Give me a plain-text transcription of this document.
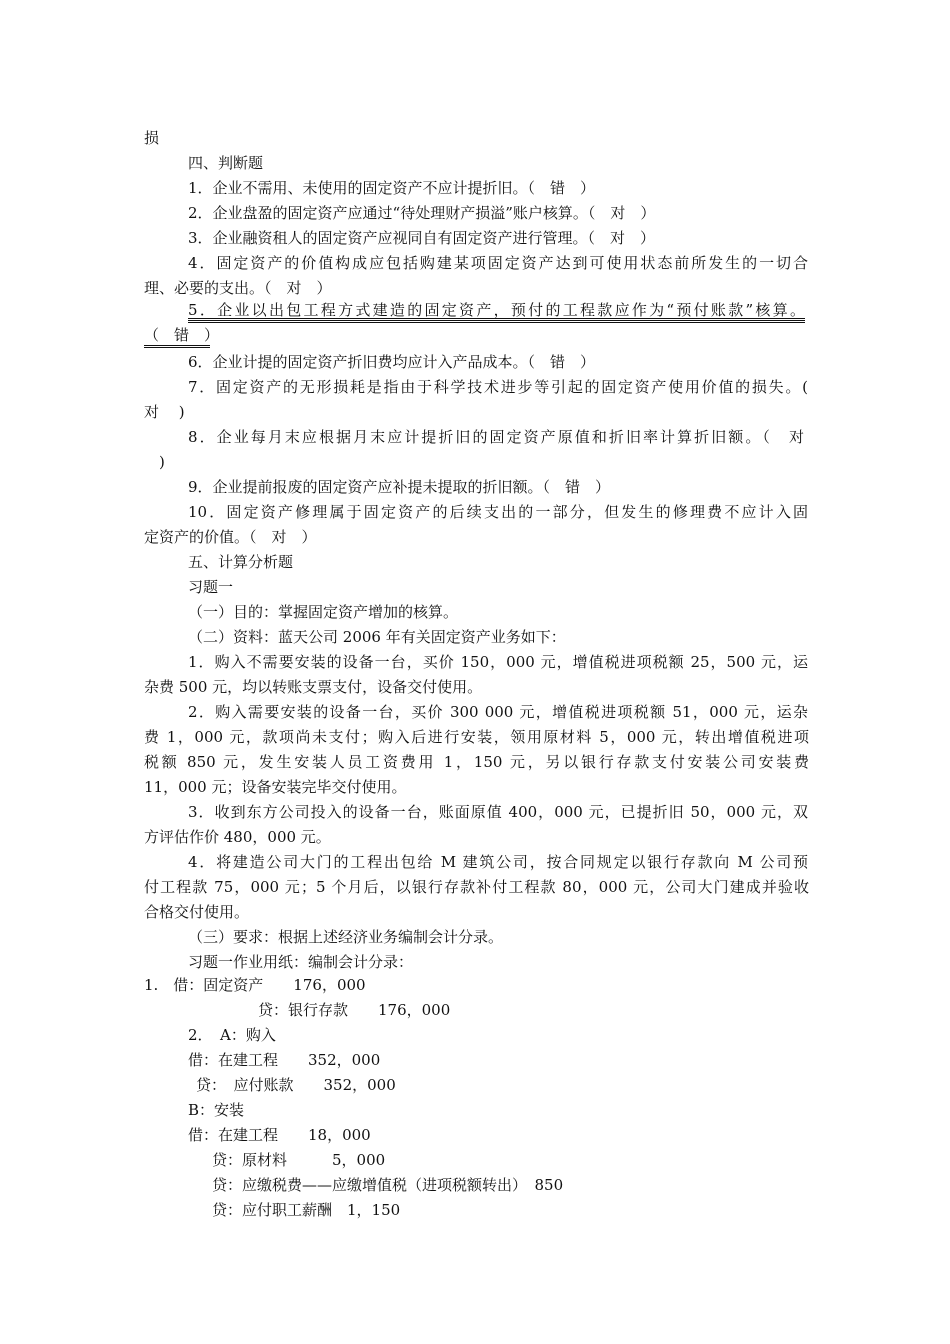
损
四、判断题
1．企业不需用、未使用的固定资产不应计提折旧。（　错　）
2．企业盘盈的固定资产应通过“待处理财产损溢”账户核算。（　对　）
3．企业融资租人的固定资产应视同自有固定资产进行管理。（　对　）
4．固定资产的价值构成应包括购建某项固定资产达到可使用状态前所发生的一切合
理、必要的支出。（　对　）
5．企业以出包工程方式建造的固定资产，预付的工程款应作为“预付账款”核算。
（　错　）
6．企业计提的固定资产折旧费均应计入产品成本。（　错　）
7．固定资产的无形损耗是指由于科学技术进步等引起的固定资产使用价值的损失。(
对　 )
8．企业每月末应根据月末应计提折旧的固定资产原值和折旧率计算折旧额。（　对
　)
9．企业提前报废的固定资产应补提未提取的折旧额。（　错　）
10．固定资产修理属于固定资产的后续支出的一部分，但发生的修理费不应计入固
定资产的价值。（　对　）
五、计算分析题
习题一
（一）目的：掌握固定资产增加的核算。
（二）资料：蓝天公司 2006 年有关固定资产业务如下：
1．购入不需要安装的设备一台，买价 150，000 元，增值税进项税额 25，500 元，运
杂费 500 元，均以转账支票支付，设备交付使用。
2．购入需要安装的设备一台，买价 300 000 元，增值税进项税额 51，000 元，运杂
费 1，000 元，款项尚未支付；购入后进行安装，领用原材料 5，000 元，转出增值税进项
税额 850 元，发生安装人员工资费用 1，150 元，另以银行存款支付安装公司安装费
11，000 元；设备安装完毕交付使用。
3．收到东方公司投入的设备一台，账面原值 400，000 元，已提折旧 50，000 元，双
方评估作价 480，000 元。
4．将建造公司大门的工程出包给 M 建筑公司，按合同规定以银行存款向 M 公司预
付工程款 75，000 元；5 个月后，以银行存款补付工程款 80，000 元，公司大门建成并验收
合格交付使用。
（三）要求：根据上述经济业务编制会计分录。
习题一作业用纸：编制会计分录：
1.　借：固定资产　　176，000
贷：银行存款　　176，000
2．　A：购入
借：在建工程　　352，000
贷：　应付账款　　352，000
B：安装
借：在建工程　　18，000
贷：原材料　　　5，000
贷：应缴税费——应缴增值税（进项税额转出）　850
贷：应付职工薪酬　1，150
